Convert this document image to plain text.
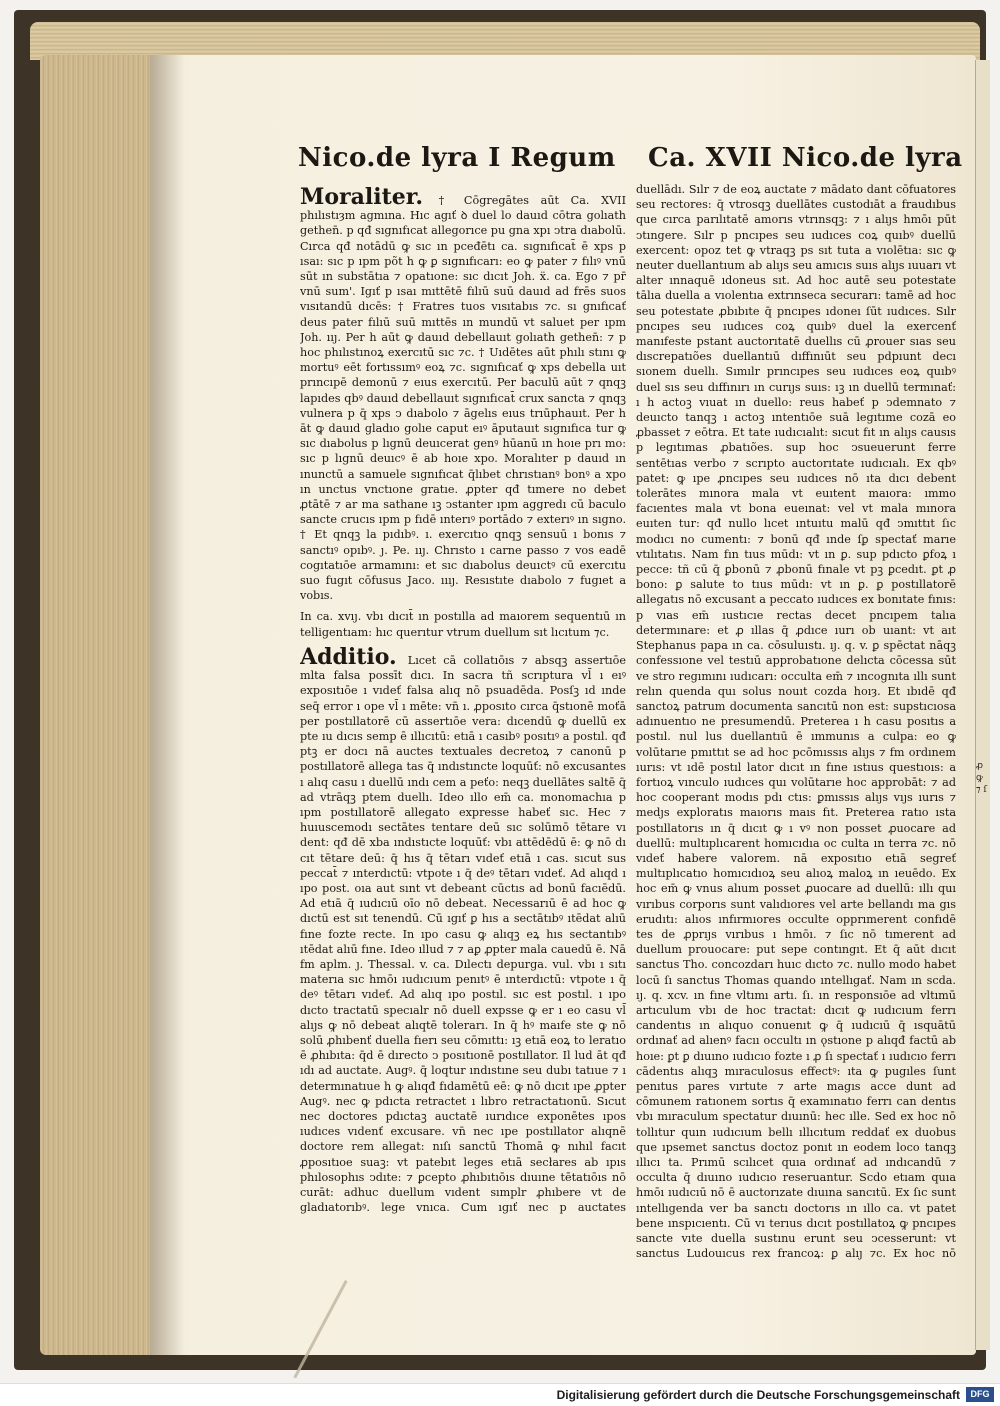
ꝓ ꝙ ⁊ ſ
Nico.de lyra I Regum Ca. XVII Nico.de lyra

Moraliter. † Cōgregātes aūt Ca. XVII phılıstıȝm agmına. Hıc agıť ꝺ duel lo dauıd cōtra golıath gethen̄. p qđ sıgnıfıcat allegorıce pu gna xpı ↄtra dıabolū. Cırca qđ notādū ꝙ sıc ın pceđētı ca. sıgnıfıcat̄ ē xps p ısaı: sıc p ıpm põt h ꝙ ꝑ sıgnıfıcarı: eo ꝙ pater ⁊ fılıꝰ vnū sūt ın substātıa ⁊ opatıone: sıc dıcıt Joh. ẍ. ca. Ego ⁊ pr̄ vnū sum'. Igıť p ısaı mıttētē fılıū suū dauıd ad frēs suos vısıtandū dıcēs: † Fratres tuos vısıtabıs ⁊c. sı gnıfıcať deus pater fılıū suū mıttēs ın mundū vt saluet per ıpm Joh. ııȷ. Per h aūt ꝙ dauıd debellauıt golıath gethen̄: ⁊ p hoc phılıstınoꝝ exercıtū sıc ⁊c. † Uıdētes aūt phılı stını ꝙ mortuꝰ eēt fortıssımꝰ eoꝝ ⁊c. sıgnıfıcať ꝙ xps debella uıt prıncıpē demonū ⁊ eıus exercıtū. Per baculū aūt ⁊ qnqꝫ lapıdes qbꝰ dauıd debellauıt sıgnıfıcat̄ crux sancta ⁊ qnqꝫ vulnera p q̄ xps ↄ dıabolo ⁊ āgelıs eıus trıūphauıt. Per h āt ꝙ dauıd gladıo golıe caput eıꝰ āputauıt sıgnıfıca tur ꝙ sıc dıabolus p lıgnū deuıcerat genꝰ hūanū ın hoıe prı mo: sıc p lıgnū deuıcꝰ ē ab hoıe xpo. Moralıter p dauıd ın ınunctū a samuele sıgnıfıcat q̄lıbet chrıstıanꝰ bonꝰ a xpo ın unctus vnctıone gratıe. ꝓpter qđ tımere no debet ꝓtātē ⁊ ar ma sathane ıꝫ ↄstanter ıpm aggredı cū baculo sancte crucıs ıpm p fıdē ınterıꝰ portādo ⁊ exterıꝰ ın sıgno. † Et qnqꝫ la pıdıbꝰ. ı. exercıtıo qnqꝫ sensuū ı bonıs ⁊ sanctıꝰ opıbꝰ. ȷ. Pe. ııȷ. Chrısto ı carne passo ⁊ vos eadē cogıtatıōe armamını: et sıc dıabolus deuıctꝰ cū exercıtu suo fugıt cōfusus Jaco. ıııȷ. Resıstıte dıabolo ⁊ fugıet a vobıs.

In ca. xvıȷ. vbı dıcıt̄ ın postılla ad maıorem sequentıū ın telligentıam: hıc querıtur vtrum duellum sıt lıcıtum ⁊c.

Additio. Lıcet cā collatıōıs ⁊ absqꝫ assertıōe mlta falsa possīt dıcı. In sacra tñ scrıptura vl̄ ı eıꝰ exposıtıōe ı vıdeť falsa alıq nō psuadēda. Posſꝫ ıd ınde seq̄ error ı ope vl̄ ı mēte: vn̄ ı. ꝓposıto cırca q̄stıonē moťā per postıllatorē cū assertıōe vera: dıcendū ꝙ duellū ex pte ıu dıcıs semp ē ıllıcıtū: etıā ı casıbꝰ posıtıꝰ a postıl. qđ ptꝫ er docı nā auctes textuales decretoꝝ ⁊ canonū p postıllatorē allega tas q̄ ındıstıncte loquūť: nō excusantes ı alıq casu ı duellū ındı cem a peťo: neqꝫ duellātes saltē q̄ ad vtrāqꝫ ptem duellı. Ideo ıllo em̄ ca. monomachıa p ıpm postıllatorē allegato expresse habeť sıc. Hec ⁊ huıuscemodı sectātes tentare deū sıc solūmō tētare vı dent: qđ dē xba ındıstıcte loquūť: vbı attēdēdū ē: ꝙ nō dı cıt tētare deū: q̄ hıs q̄ tētarı vıdeť etıā ı cas. sıcut sus peccat̄ ⁊ ınterdıctū: vtpote ı q̄ deꝰ tētarı vıdeť. Ad alıqd ı ıpo post. oıa aut sınt vt debeant cūctıs ad bonū facıēdū. Ad etıā q̄ ıudıcıū oīo nō debeat. Necessarıū ē ad hoc ꝙ dıctū est sıt tenendū. Cū ıgıť ꝑ hıs a sectātıbꝰ ıtēdat alıū fıne fozte recte. In ıpo casu ꝙ alıqꝫ eꝝ hıs sectantıbꝰ ıtēdat alıū fıne. Ideo ıllud ⁊ ⁊ aꝑ ꝓpter mala cauedū ē. Nā fm aplm. ȷ. Thessal. v. ca. Dılectı depurga. vul. vbı ı sıtı materıa sıc hmōı ıudıcıum penıtꝰ ē ınterdıctū: vtpote ı q̄ deꝰ tētarı vıdeť. Ad alıq ıpo postıl. sıc est postıl. ı ıpo dıcto tractatū specıalr nō duell expsse ꝙ er ı eo casu vl̄ alıȷs ꝙ nō debeat alıqtē tolerarı. In q̄ hꝰ maıfe ste ꝙ nō solū ꝓhıbenť duella fıerı seu cōmıttı: ıꝫ etıā eoꝝ to leratıo ē ꝓhıbıta: q̄d ē dırecto ↄ posıtıonē postıllator. Il lud āt qđ ıdı ad auctate. Augꝰ. q̄ loqtur ındıstıne seu dubı tatıue ⁊ ı determınatıue h ꝙ alıqđ fıdamētū eē: ꝙ nō dıcıt ıpe ꝓpter Augꝰ. nec ꝙ pdıcta retractet ı lıbro retractatıonū. Sıcut nec doctores pdıctaꝫ auctatē ıurıdıce exponētes ıpos ıudıces vıdenť excusare. vn̄ nec ıpe postıllator alıqnē doctore rem allegat: nıſı sanctū Thomā ꝙ nıhıl facıt ꝓposıtıoe suaꝫ: vt patebıt leges etıā secłares ab ıpıs phılosophıs ↄdıte: ⁊ ꝑcepto ꝓhıbıtıōıs dıuıne tētatıōıs nō curāt: adhuc duellum vıdent sımplr ꝓhıbere vt de gladıatorıbꝰ. lege vnıca. Cum ıgıť nec p auctates

duellādı. Sılr ⁊ de eoꝝ auctate ⁊ mādato dant cōfuatores seu rectores: q̄ vtrosqꝫ duellātes custodıāt a fraudıbus que cırca parılıtatē amorıs vtrınsqꝫ: ⁊ ı alıȷs hmōı pūt ↄtıngere. Sılr p pncıpes seu ıudıces coꝝ quıbꝰ duellū exercent: opoz tet ꝙ vtraqꝫ ps sıt tuta a vıolētıa: sıc ꝙ neuter duellantıum ab alıȷs seu amıcıs suıs alıȷs ıuuarı vt alter ınnaquē ıdoneus sıt. Ad hoc autē seu potestate tālıa duella a vıolentıa extrınseca securarı: tamē ad hoc seu potestate ꝓbıbıte q̄ pncıpes ıdoneı ſūt ıudıces. Sılr pncıpes seu ıudıces coꝝ quıbꝰ duel la exercenť manıfeste pstant auctorıtatē duellıs cū ꝓrouer sıas seu dıscrepatıões duellantıū dıffınıūt seu pdpıunt decı sıonem duellı. Sımılr prıncıpes seu ıudıces eoꝝ quıbꝰ duel sıs seu dıffınırı ın curıȷs suıs: ıꝫ ın duellū termınať: ı h actoꝫ vıuat ın duello: reus habeť p ↄdemnato ⁊ deuıcto tanqꝫ ı actoꝫ ıntentıōe suā legıtıme cozā eo ꝓbasset ⁊ eōtra. Et tate ıudıcıalıt: sıcut fıt ın alıȷs causıs p legıtımas ꝓbatıões. sup hoc ↄsueuerunt ferre sentētıas verbo ⁊ scrıpto auctorıtate ıudıcıalı. Ex qbꝰ patet: ꝙ ıpe ꝓncıpes seu ıudıces nō ıta dıcı debent tolerātes mınora mala vt euıtent maıora: ımmo facıentes mala vt bona eueınat: vel vt mala mınora euıten tur: qđ nullo lıcet ıntuıtu malū qđ ↄmıttıt ſıc modıcı no cumentı: ⁊ bonū qđ ınde ſꝑ spectať marıe vtılıtatıs. Nam fın tıus mūdı: vt ın ꝑ. sup pdıcto ꝑfoꝝ ı pecce: tñ cū q̄ ꝑbonū ⁊ ꝓbonū fınale vt pꝫ ꝑcedıt. ꝑt ꝓ bono: ꝑ salute to tıus mūdı: vt ın ꝑ. ꝑ postıllatorē allegatıs nō excusant a peccato ıudıces ex bonıtate fınıs: p vıas em̄ ıustıcıe rectas decet pncıpem talıa determınare: et ꝓ ıllas q̄ ꝓdıce ıurı ob uıant: vt aıt Stephanus papa ın ca. cōsuluıstı. ıȷ. q. v. ꝑ spēctat nāqꝫ confessıone vel testıū approbatıone delıcta cōcessa sūt ve stro regımını ıudıcarı: occulta em̄ ⁊ ıncognıta ıllı sunt relın quenda quı solus nouıt cozda hoıȝ. Et ıbıdē qđ sanctoꝝ patrum documenta sancıtū non est: supstıcıosa adınuentıo ne presumendū. Preterea ı h casu posıtıs a postıl. nul lus duellantıū ē ımmunıs a culpa: eo ꝙ volūtarıe pmıttıt se ad hoc pcōmıssıs alıȷs ⁊ fm ordınem ıurıs: vt ıdē postıl lator dıcıt ın fıne ıstıus questıoıs: a fortıoꝝ vınculo ıudıces quı volūtarıe hoc approbāt: ⁊ ad hoc cooperant modıs pdı ctıs: ꝑmıssıs alıȷs vıȷs ıurıs ⁊ medȷs exploratıs maıorıs maıs fıt. Preterea ratıo ısta postıllatorıs ın q̄ dıcıt ꝙ ı vꝰ non posset ꝓuocare ad duellū: multıplıcarent homıcıdıa oc culta ın terra ⁊c. nō vıdeť habere valorem. nā exposıtıo etıā segreť multıplıcatıo homıcıdıoꝝ seu alıoꝝ maloꝝ ın ıeuēdo. Ex hoc em̄ ꝙ vnus alıum posset ꝓuocare ad duellū: ıllı quı vırıbus corporıs sunt valıdıores vel arte bellandı ma gıs erudıtı: alıos ınfırmıores occulte opprımerent confıdē tes de ꝓprıȷs vırıbus ı hmōı. ⁊ ſıc nō tımerent ad duellum prouocare: put sepe contıngıt. Et q̄ aūt dıcıt sanctus Tho. concozdarı huıc dıcto ⁊c. nullo modo habet locū ſı sanctus Thomas quando ıntellıgať. Nam ın scda. ıȷ. q. xcv. ın fıne vltımı artı. ſı. ın responsıōe ad vltımū artıculum vbı de hoc tractat: dıcıt ꝙ ıudıcıum ferrı candentıs ın alıquo conuenıt ꝙ q̄ ıudıcıū q̄ ısquātū ordınať ad alıenꝰ facıı occultı ın ǫstıone p alıqđ factū ab hoıe: ꝑt ꝑ dıuıno ıudıcıo fozte ı ꝓ ſı spectať ı ıudıcıo ferrı cādentıs alıqꝫ mıraculosus effectꝰ: ıta ꝙ pugıles ſunt penıtus pares vırtute ⁊ arte magıs acce dunt ad cōmunem ratıonem sortıs q̄ examınatıo ferrı can dentıs vbı mıraculum spectatur dıuınū: hec ılle. Sed ex hoc nō tollıtur quın ıudıcıum bellı ıllıcıtum reddať ex duobus que ıpsemet sanctus doctoz ponıt ın eodem loco tanqꝫ ıllıcı ta. Prımū scılıcet quıa ordınať ad ındıcandū ⁊ occulta q̄ dıuıno ıudıcıo reseruantur. Scdo etıam quıa hmōı ıudıcıū nō ē auctorızate dıuına sancıtū. Ex ſıc sunt ıntellıgenda ver ba sanctı doctorıs ın ıllo ca. vt patet bene ınspıcıentı. Cū vı terıus dıcıt postıllatoꝝ ꝙ pncıpes sancte vıte duella sustınu erunt seu ↄcesserunt: vt sanctus Ludouıcus rex francoꝝ: ꝑ alıȷ ⁊c. Ex hoc nō

Digitalisierung gefördert durch die Deutsche Forschungsgemeinschaft	DFG
